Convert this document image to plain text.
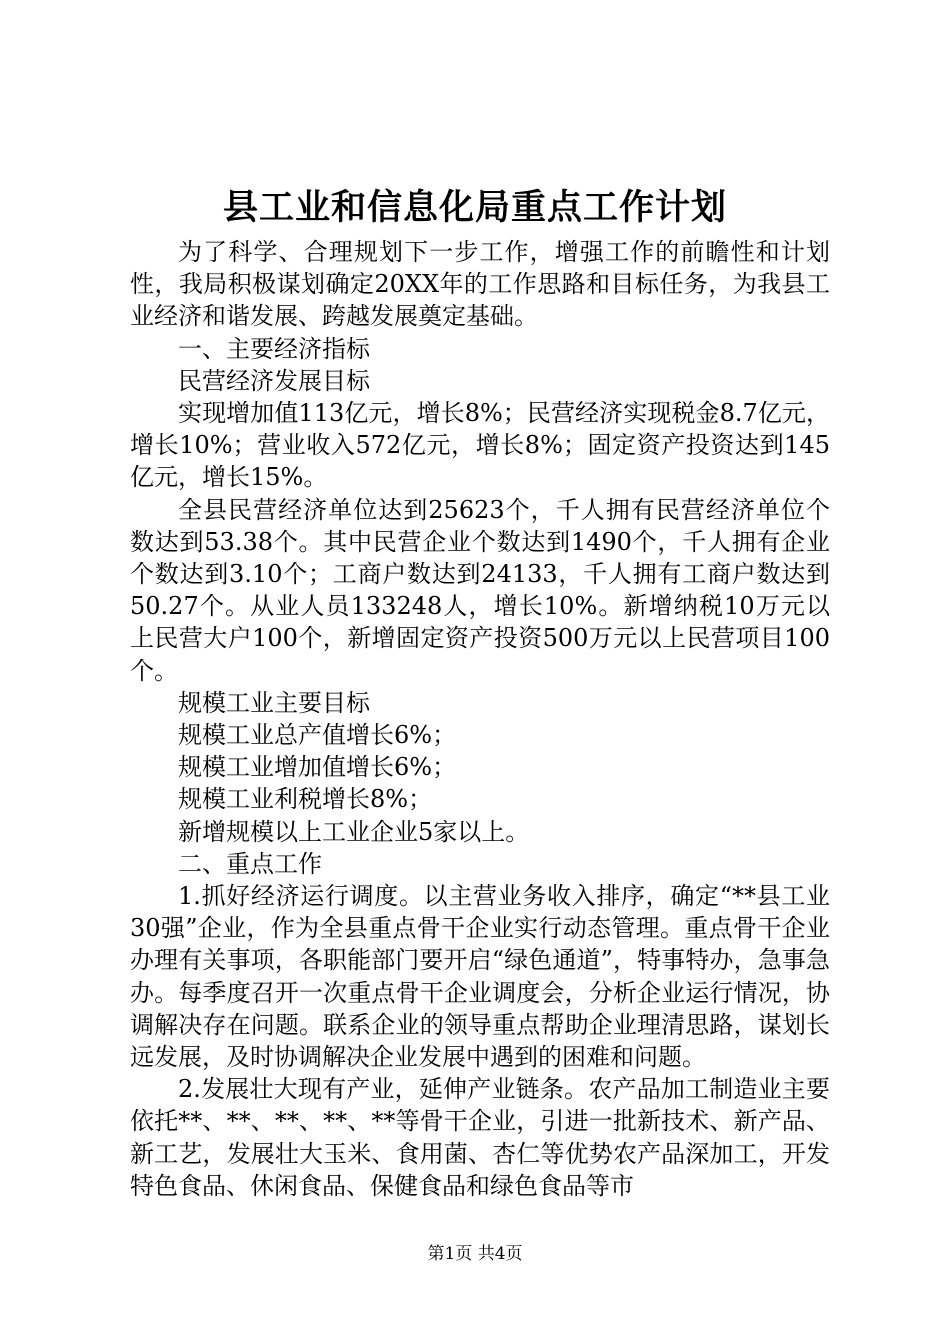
县工业和信息化局重点工作计划

为了科学、合理规划下一步工作，增强工作的前瞻性和计划性，我局积极谋划确定20XX年的工作思路和目标任务，为我县工业经济和谐发展、跨越发展奠定基础。

一、主要经济指标

民营经济发展目标

实现增加值113亿元，增长8%；民营经济实现税金8.7亿元，增长10%；营业收入572亿元，增长8%；固定资产投资达到145亿元，增长15%。

全县民营经济单位达到25623个，千人拥有民营经济单位个数达到53.38个。其中民营企业个数达到1490个，千人拥有企业个数达到3.10个；工商户数达到24133，千人拥有工商户数达到50.27个。从业人员133248人，增长10%。新增纳税10万元以上民营大户100个，新增固定资产投资500万元以上民营项目100个。

规模工业主要目标

规模工业总产值增长6%；

规模工业增加值增长6%；

规模工业利税增长8%；

新增规模以上工业企业5家以上。

二、重点工作

1.抓好经济运行调度。以主营业务收入排序，确定“**县工业30强”企业，作为全县重点骨干企业实行动态管理。重点骨干企业办理有关事项，各职能部门要开启“绿色通道”，特事特办，急事急办。每季度召开一次重点骨干企业调度会，分析企业运行情况，协调解决存在问题。联系企业的领导重点帮助企业理清思路，谋划长远发展，及时协调解决企业发展中遇到的困难和问题。

2.发展壮大现有产业，延伸产业链条。农产品加工制造业主要依托**、**、**、**、**等骨干企业，引进一批新技术、新产品、新工艺，发展壮大玉米、食用菌、杏仁等优势农产品深加工，开发特色食品、休闲食品、保健食品和绿色食品等市

第1页 共4页
